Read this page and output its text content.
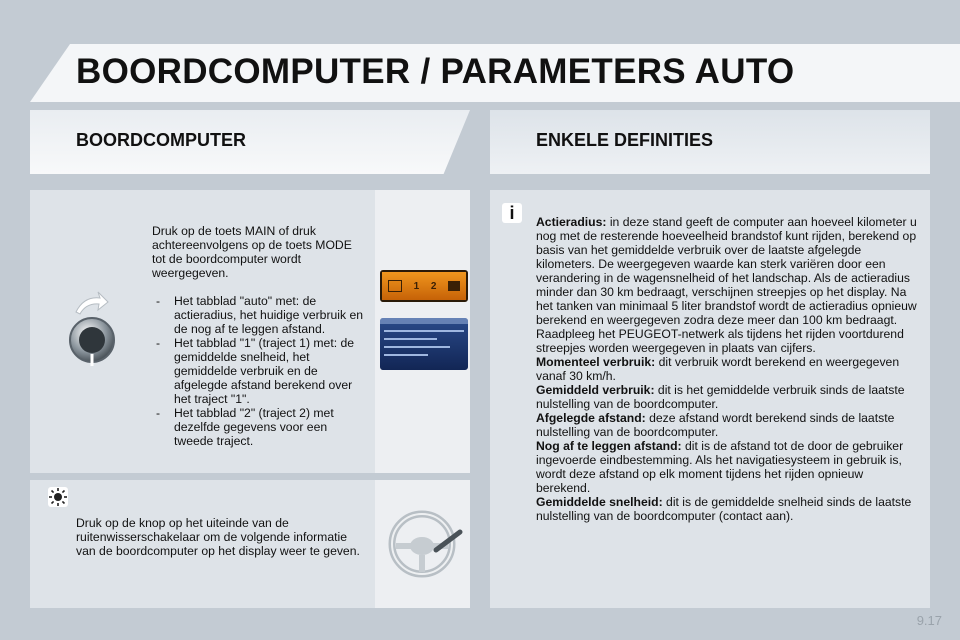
BOORDCOMPUTER / PARAMETERS AUTO
BOORDCOMPUTER	ENKELE DEFINITIES

Druk op de toets MAIN of druk achtereenvolgens op de toets MODE tot de boordcomputer wordt weergegeven.

- Het tabblad "auto" met: de actieradius, het huidige verbruik en de nog af te leggen afstand.
- Het tabblad "1" (traject 1) met: de gemiddelde snelheid, het gemiddelde verbruik en de afgelegde afstand berekend over het traject "1".
- Het tabblad "2" (traject 2) met dezelfde gegevens voor een tweede traject.
1 2
Druk op de knop op het uiteinde van de ruitenwisserschakelaar om de volgende informatie van de boordcomputer op het display weer te geven.
i	Actieradius: in deze stand geeft de computer aan hoeveel kilometer u nog met de resterende hoeveelheid brandstof kunt rijden, berekend op basis van het gemiddelde verbruik over de laatste afgelegde kilometers. De weergegeven waarde kan sterk variëren door een verandering in de wagensnelheid of het landschap. Als de actieradius minder dan 30 km bedraagt, verschijnen streepjes op het display. Na het tanken van minimaal 5 liter brandstof wordt de actieradius opnieuw berekend en weergegeven zodra deze meer dan 100 km bedraagt. Raadpleeg het PEUGEOT-netwerk als tijdens het rijden voortdurend streepjes worden weergegeven in plaats van cijfers.

Momenteel verbruik: dit verbruik wordt berekend en weergegeven vanaf 30 km/h.

Gemiddeld verbruik: dit is het gemiddelde verbruik sinds de laatste nulstelling van de boordcomputer.

Afgelegde afstand: deze afstand wordt berekend sinds de laatste nulstelling van de boordcomputer.

Nog af te leggen afstand: dit is de afstand tot de door de gebruiker ingevoerde eindbestemming. Als het navigatiesysteem in gebruik is, wordt deze afstand op elk moment tijdens het rijden opnieuw berekend.

Gemiddelde snelheid: dit is de gemiddelde snelheid sinds de laatste nulstelling van de boordcomputer (contact aan).

9.17
